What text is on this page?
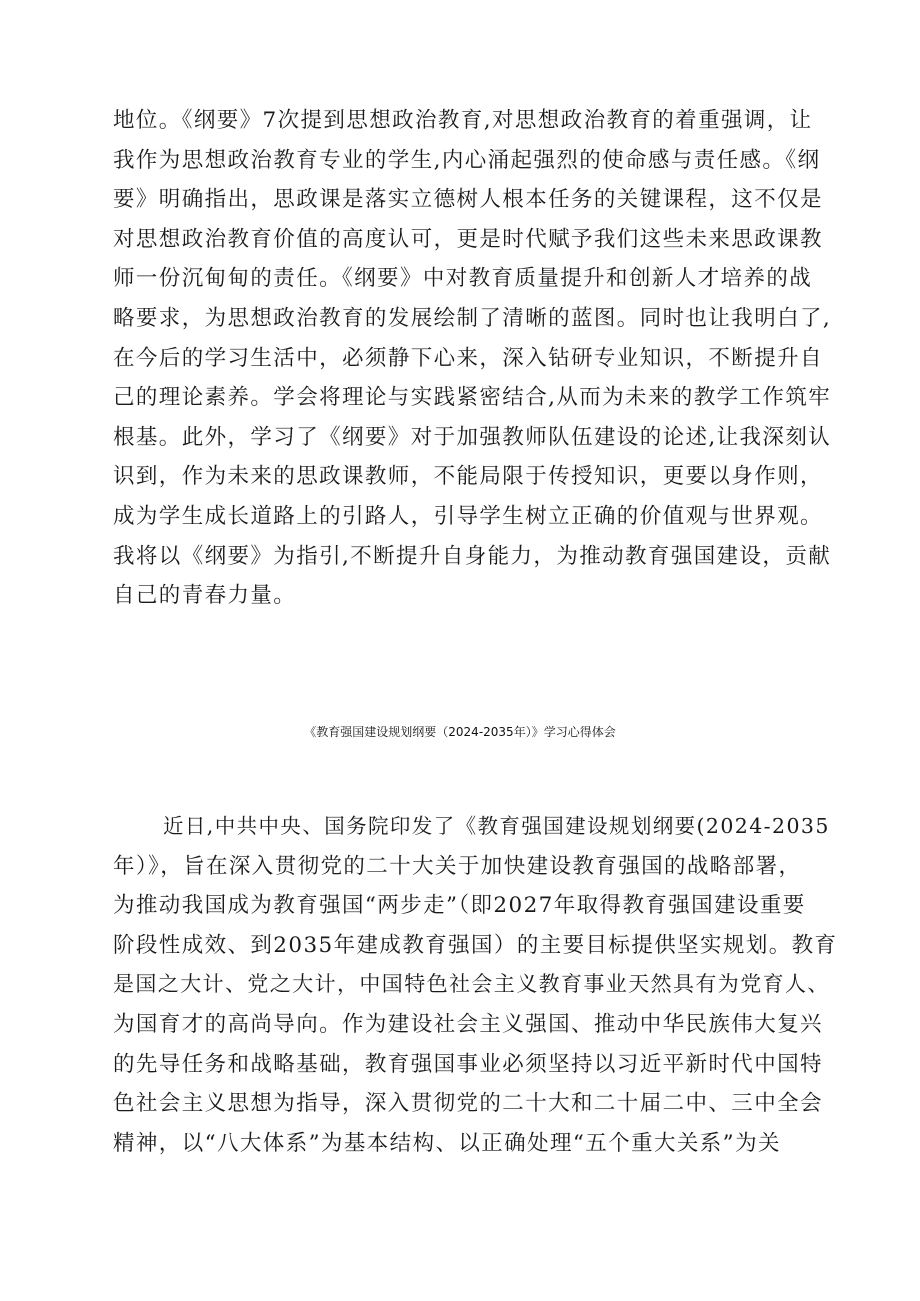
地位。《纲要》7次提到思想政治教育,对思想政治教育的着重强调，让
我作为思想政治教育专业的学生,内心涌起强烈的使命感与责任感。《纲
要》明确指出，思政课是落实立德树人根本任务的关键课程，这不仅是
对思想政治教育价值的高度认可，更是时代赋予我们这些未来思政课教
师一份沉甸甸的责任。《纲要》中对教育质量提升和创新人才培养的战
略要求，为思想政治教育的发展绘制了清晰的蓝图。同时也让我明白了,
在今后的学习生活中，必须静下心来，深入钻研专业知识，不断提升自
己的理论素养。学会将理论与实践紧密结合,从而为未来的教学工作筑牢
根基。此外，学习了《纲要》对于加强教师队伍建设的论述,让我深刻认
识到，作为未来的思政课教师，不能局限于传授知识，更要以身作则，
成为学生成长道路上的引路人，引导学生树立正确的价值观与世界观。
我将以《纲要》为指引,不断提升自身能力，为推动教育强国建设，贡献
自己的青春力量。
《教育强国建设规划纲要（2024-2035年）》学习心得体会
近日,中共中央、国务院印发了《教育强国建设规划纲要(2024-2035
年）》，旨在深入贯彻党的二十大关于加快建设教育强国的战略部署，
为推动我国成为教育强国“两步走”（即2027年取得教育强国建设重要
阶段性成效、到2035年建成教育强国）的主要目标提供坚实规划。教育
是国之大计、党之大计，中国特色社会主义教育事业天然具有为党育人、
为国育才的高尚导向。作为建设社会主义强国、推动中华民族伟大复兴
的先导任务和战略基础，教育强国事业必须坚持以习近平新时代中国特
色社会主义思想为指导，深入贯彻党的二十大和二十届二中、三中全会
精神，以“八大体系”为基本结构、以正确处理“五个重大关系”为关
